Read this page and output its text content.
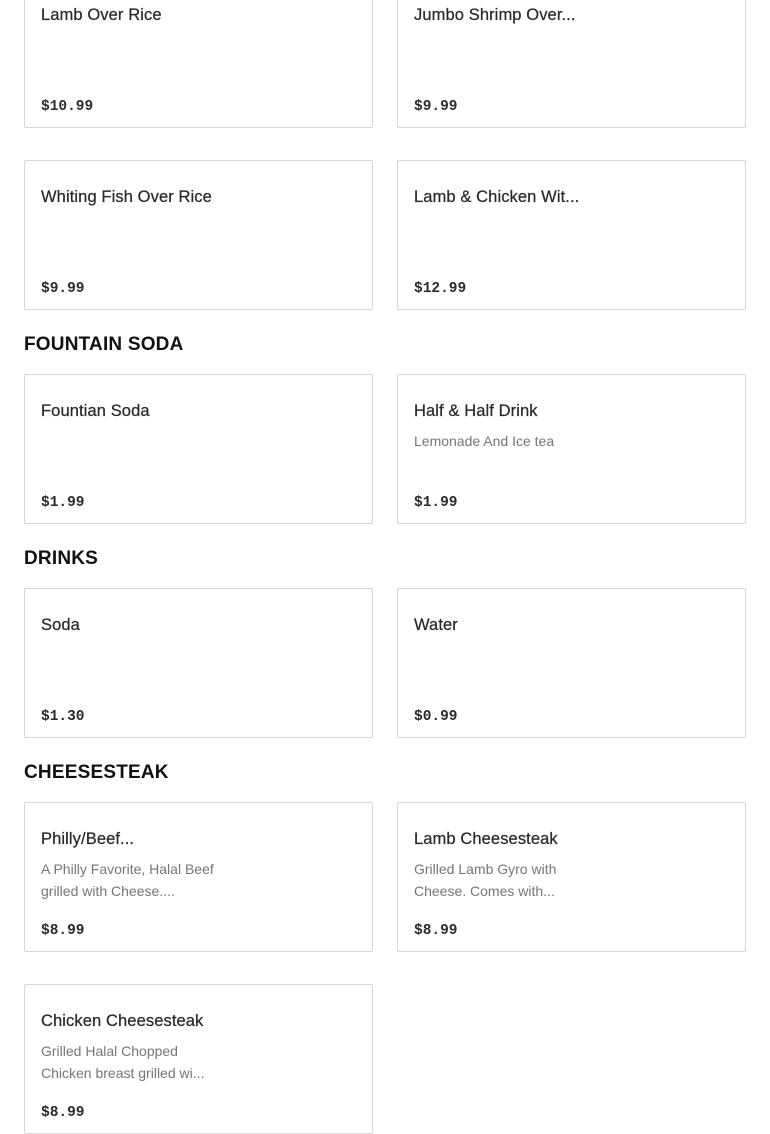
Lamb Over Rice
$10.99
Jumbo Shrimp Over...
$9.99
Whiting Fish Over Rice
$9.99
Lamb & Chicken Wit...
$12.99
FOUNTAIN SODA
Fountian Soda
$1.99
Half & Half Drink
Lemonade And Ice tea
$1.99
DRINKS
Soda
$1.30
Water
$0.99
CHEESESTEAK
Philly/Beef...
A Philly Favorite, Halal Beef grilled with Cheese....
$8.99
Lamb Cheesesteak
Grilled Lamb Gyro with Cheese. Comes with...
$8.99
Chicken Cheesesteak
Grilled Halal Chopped Chicken breast grilled wi...
$8.99
